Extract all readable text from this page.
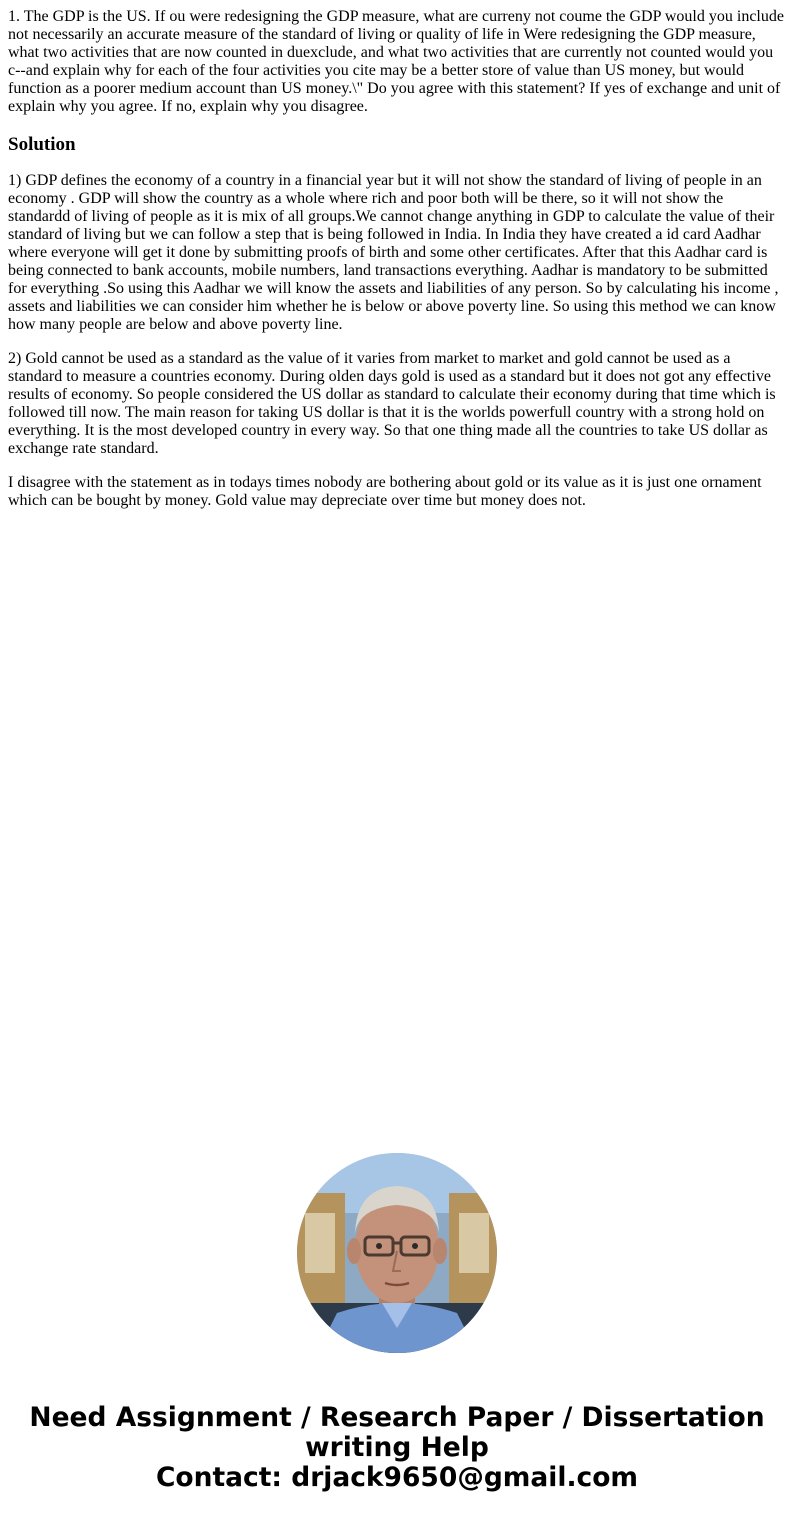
1. The GDP is the US. If ou were redesigning the GDP measure, what are curreny not coume the GDP would you include not necessarily an accurate measure of the standard of living or quality of life in Were redesigning the GDP measure, what two activities that are now counted in duexclude, and what two activities that are currently not counted would you c--and explain why for each of the four activities you cite may be a better store of value than US money, but would function as a poorer medium account than US money.\" Do you agree with this statement? If yes of exchange and unit of explain why you agree. If no, explain why you disagree.

Solution

1) GDP defines the economy of a country in a financial year but it will not show the standard of living of people in an economy . GDP will show the country as a whole where rich and poor both will be there, so it will not show the standardd of living of people as it is mix of all groups.We cannot change anything in GDP to calculate the value of their standard of living but we can follow a step that is being followed in India. In India they have created a id card Aadhar where everyone will get it done by submitting proofs of birth and some other certificates. After that this Aadhar card is being connected to bank accounts, mobile numbers, land transactions everything. Aadhar is mandatory to be submitted for everything .So using this Aadhar we will know the assets and liabilities of any person. So by calculating his income , assets and liabilities we can consider him whether he is below or above poverty line. So using this method we can know how many people are below and above poverty line.

2) Gold cannot be used as a standard as the value of it varies from market to market and gold cannot be used as a standard to measure a countries economy. During olden days gold is used as a standard but it does not got any effective results of economy. So people considered the US dollar as standard to calculate their economy during that time which is followed till now. The main reason for taking US dollar is that it is the worlds powerfull country with a strong hold on everything. It is the most developed country in every way. So that one thing made all the countries to take US dollar as exchange rate standard.

I disagree with the statement as in todays times nobody are bothering about gold or its value as it is just one ornament which can be bought by money. Gold value may depreciate over time but money does not.

Need Assignment / Research Paper / Dissertation
writing Help
Contact: drjack9650@gmail.com
